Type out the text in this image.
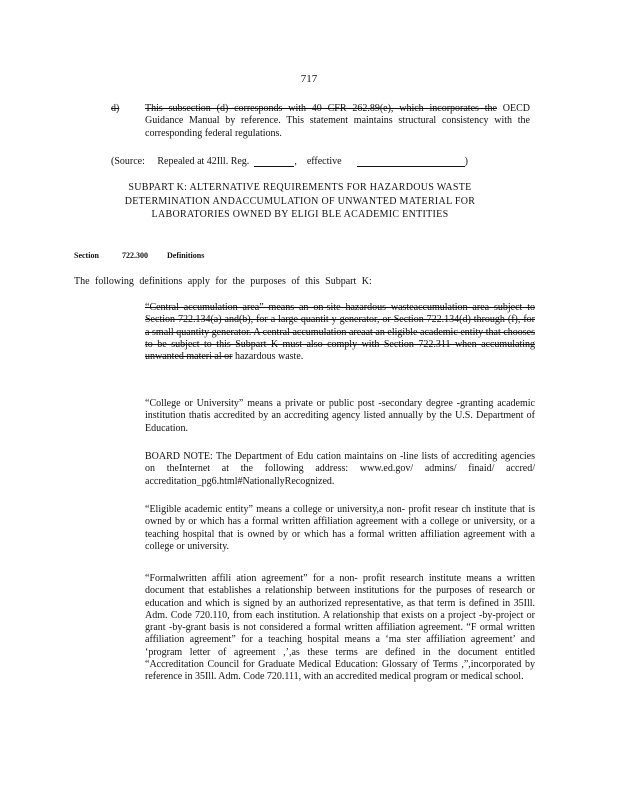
717
d)	This subsection (d) corresponds with 40 CFR 262.89(e), which incorporates the OECD Guidance Manual by reference. This statement maintains structural consistency with the corresponding federal regulations.
(Source: Repealed at 42Ill. Reg.	,    effective	)
SUBPART K: ALTERNATIVE REQUIREMENTS FOR HAZARDOUS WASTE DETERMINATION ANDACCUMULATION OF UNWANTED MATERIAL FOR LABORATORIES OWNED BY ELIGI BLE ACADEMIC ENTITIES
Section	722.300 Definitions
The following definitions apply for the purposes of this Subpart K:
“Central accumulation area” means an on-site hazardous wasteaccumulation area subject to Section 722.134(a) and(b), for a large quantit y generator, or Section 722.134(d) through (f), for a small quantity generator. A central accumulation areaat an eligible academic entity that chooses to be subject to this Subpart K must also comply with Section 722.311 when accumulating unwanted materi al or hazardous waste.
“College or University” means a private or public post -secondary degree -granting academic institution thatis accredited by an accrediting agency listed annually by the U.S. Department of Education.
BOARD NOTE: The Department of Edu cation maintains on -line lists of accrediting agencies on theInternet at the following address: www.ed.gov/ admins/ finaid/ accred/ accreditation_pg6.html#NationallyRecognized.
“Eligible academic entity” means a college or university,a non- profit resear ch institute that is owned by or which has a formal written affiliation agreement with a college or university, or a teaching hospital that is owned by or which has a formal written affiliation agreement with a college or university.
“Formalwritten affili ation agreement” for a non- profit research institute means a written document that establishes a relationship between institutions for the purposes of research or education and which is signed by an authorized representative, as that term is defined in 35Ill. Adm. Code 720.110, from each institution. A relationship that exists on a project -by-project or grant -by-grant basis is not considered a formal written affiliation agreement. “F ormal written affiliation agreement” for a teaching hospital means a ‘ma ster affiliation agreement’ and ‘program letter of agreement ,’,as these terms are defined in the document entitled “Accreditation Council for Graduate Medical Education: Glossary of Terms ,”,incorporated by reference in 35Ill. Adm. Code 720.111, with an accredited medical program or medical school.
